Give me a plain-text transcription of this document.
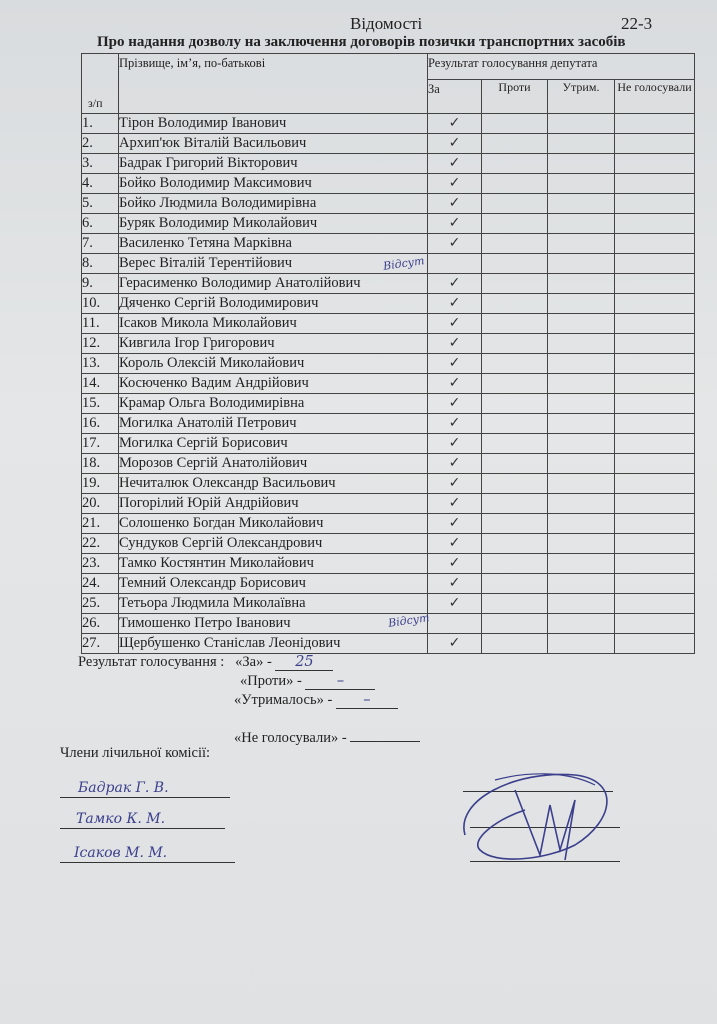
Відомості	22-3
Про надання дозволу на заключення договорів позички транспортних засобів
з/п	Прізвище, ім’я, по-батькові	Результат голосування депутата			
		За	Проти	Утрим.	Не голосували
1.	Тірон Володимир Іванович	✓			
2.	Архип'юк Віталій Васильович	✓			
3.	Бадрак Григорий Вікторович	✓			
4.	Бойко Володимир Максимович	✓			
5.	Бойко Людмила Володимирівна	✓			
6.	Буряк Володимир Миколайович	✓			
7.	Василенко Тетяна Марківна	✓			
8.	Верес Віталій Терентійович				
9.	Герасименко Володимир Анатолійович	✓			
10.	Дяченко Сергій Володимирович	✓			
11.	Ісаков Микола Миколайович	✓			
12.	Кивгила Ігор Григорович	✓			
13.	Король Олексій Миколайович	✓			
14.	Косюченко Вадим Андрійович	✓			
15.	Крамар Ольга Володимирівна	✓			
16.	Могилка Анатолій Петрович	✓			
17.	Могилка Сергій Борисович	✓			
18.	Морозов Сергій Анатолійович	✓			
19.	Нечиталюк Олександр Васильович	✓			
20.	Погорілий Юрій Андрійович	✓			
21.	Солошенко Богдан Миколайович	✓			
22.	Сундуков Сергій Олександрович	✓			
23.	Тамко Костянтин Миколайович	✓			
24.	Темний Олександр Борисович	✓			
25.	Тетьора Людмила Миколаївна	✓			
26.	Тимошенко Петро Іванович				
27.	Щербушенко Станіслав Леонідович	✓			
Відсут
Відсут
Результат голосування : «За» - 25
«Проти» - –
«Утрималось» - –
«Не голосували» -
Члени лічильної комісії:
Бадрак Г. В.
Тамко К. М.
Ісаков М. М.
